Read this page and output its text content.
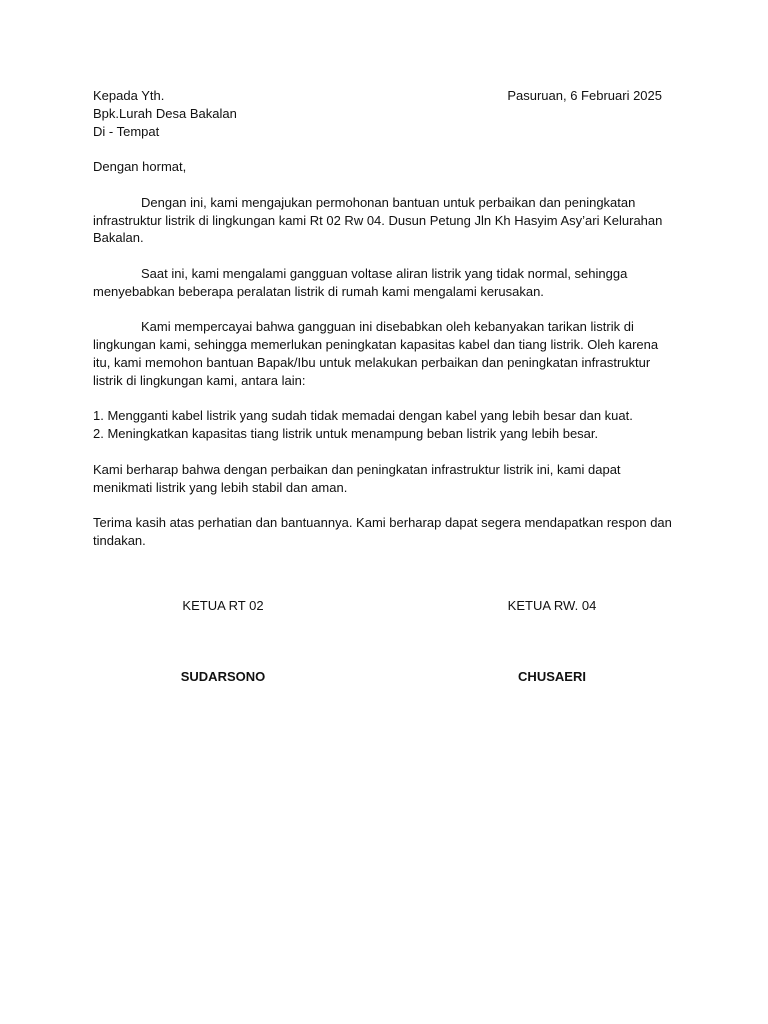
Kepada Yth.	Pasuruan, 6 Februari 2025
Bpk.Lurah Desa Bakalan
Di - Tempat
Dengan hormat,

Dengan ini, kami mengajukan permohonan bantuan untuk perbaikan dan peningkatan infrastruktur listrik di lingkungan kami Rt 02 Rw 04. Dusun Petung Jln Kh Hasyim Asy’ari Kelurahan Bakalan.

Saat ini, kami mengalami gangguan voltase aliran listrik yang tidak normal, sehingga menyebabkan beberapa peralatan listrik di rumah kami mengalami kerusakan.

Kami mempercayai bahwa gangguan ini disebabkan oleh kebanyakan tarikan listrik di lingkungan kami, sehingga memerlukan peningkatan kapasitas kabel dan tiang listrik. Oleh karena itu, kami memohon bantuan Bapak/Ibu untuk melakukan perbaikan dan peningkatan infrastruktur listrik di lingkungan kami, antara lain:

1. Mengganti kabel listrik yang sudah tidak memadai dengan kabel yang lebih besar dan kuat.
2. Meningkatkan kapasitas tiang listrik untuk menampung beban listrik yang lebih besar.

Kami berharap bahwa dengan perbaikan dan peningkatan infrastruktur listrik ini, kami dapat menikmati listrik yang lebih stabil dan aman.

Terima kasih atas perhatian dan bantuannya. Kami berharap dapat segera mendapatkan respon dan tindakan.

KETUA RT 02	KETUA RW. 04
SUDARSONO	CHUSAERI
